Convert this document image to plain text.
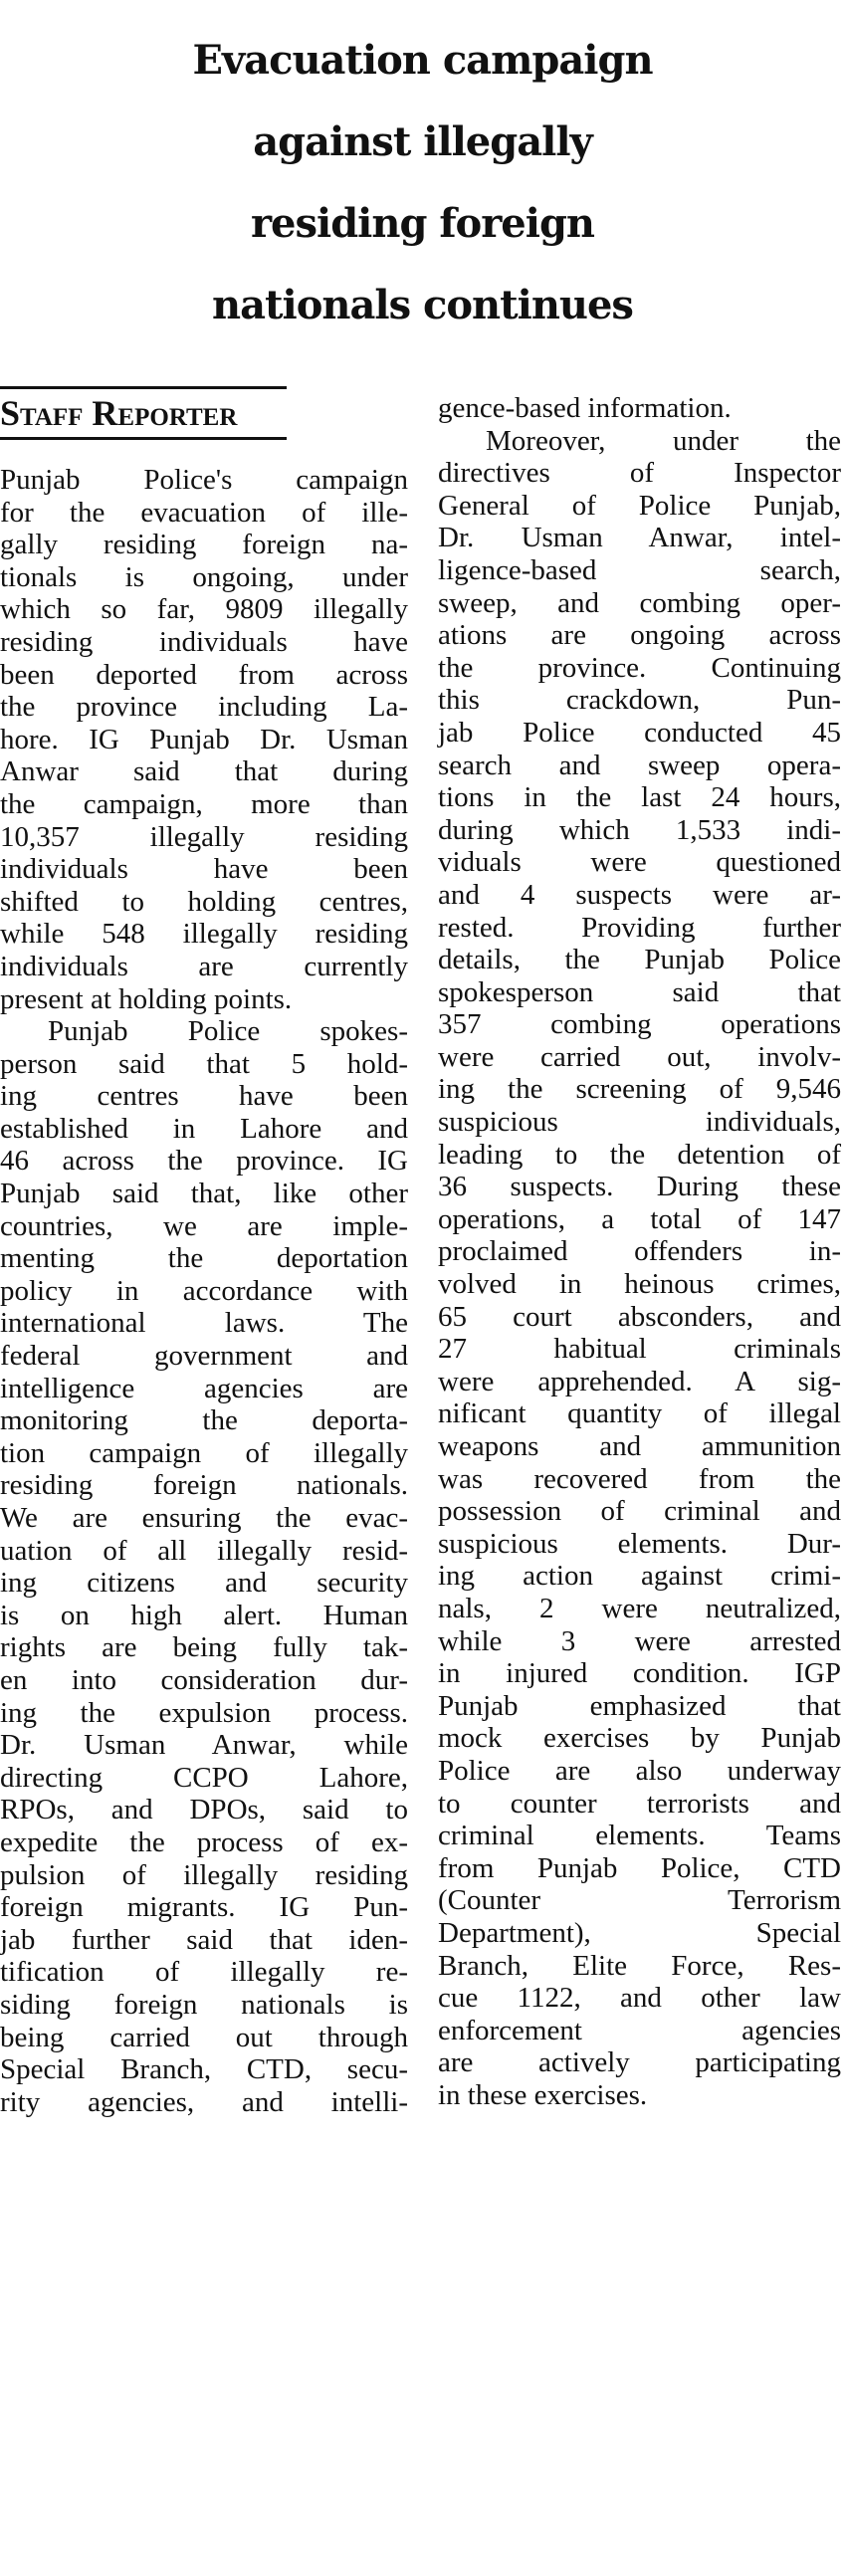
Evacuation campaign
against illegally
residing foreign
nationals continues
Staff Reporter
Punjab Police's campaign
for the evacuation of ille-
gally residing foreign na-
tionals is ongoing, under
which so far, 9809 illegally
residing individuals have
been deported from across
the province including La-
hore. IG Punjab Dr. Usman
Anwar said that during
the campaign, more than
10,357 illegally residing
individuals have been
shifted to holding centres,
while 548 illegally residing
individuals are currently
present at holding points.
Punjab Police spokes-
person said that 5 hold-
ing centres have been
established in Lahore and
46 across the province. IG
Punjab said that, like other
countries, we are imple-
menting the deportation
policy in accordance with
international laws. The
federal government and
intelligence agencies are
monitoring the deporta-
tion campaign of illegally
residing foreign nationals.
We are ensuring the evac-
uation of all illegally resid-
ing citizens and security
is on high alert. Human
rights are being fully tak-
en into consideration dur-
ing the expulsion process.
Dr. Usman Anwar, while
directing CCPO Lahore,
RPOs, and DPOs, said to
expedite the process of ex-
pulsion of illegally residing
foreign migrants. IG Pun-
jab further said that iden-
tification of illegally re-
siding foreign nationals is
being carried out through
Special Branch, CTD, secu-
rity agencies, and intelli-
gence-based information.
Moreover, under the
directives of Inspector
General of Police Punjab,
Dr. Usman Anwar, intel-
ligence-based search,
sweep, and combing oper-
ations are ongoing across
the province. Continuing
this crackdown, Pun-
jab Police conducted 45
search and sweep opera-
tions in the last 24 hours,
during which 1,533 indi-
viduals were questioned
and 4 suspects were ar-
rested. Providing further
details, the Punjab Police
spokesperson said that
357 combing operations
were carried out, involv-
ing the screening of 9,546
suspicious individuals,
leading to the detention of
36 suspects. During these
operations, a total of 147
proclaimed offenders in-
volved in heinous crimes,
65 court absconders, and
27 habitual criminals
were apprehended. A sig-
nificant quantity of illegal
weapons and ammunition
was recovered from the
possession of criminal and
suspicious elements. Dur-
ing action against crimi-
nals, 2 were neutralized,
while 3 were arrested
in injured condition. IGP
Punjab emphasized that
mock exercises by Punjab
Police are also underway
to counter terrorists and
criminal elements. Teams
from Punjab Police, CTD
(Counter Terrorism
Department), Special
Branch, Elite Force, Res-
cue 1122, and other law
enforcement agencies
are actively participating
in these exercises.
